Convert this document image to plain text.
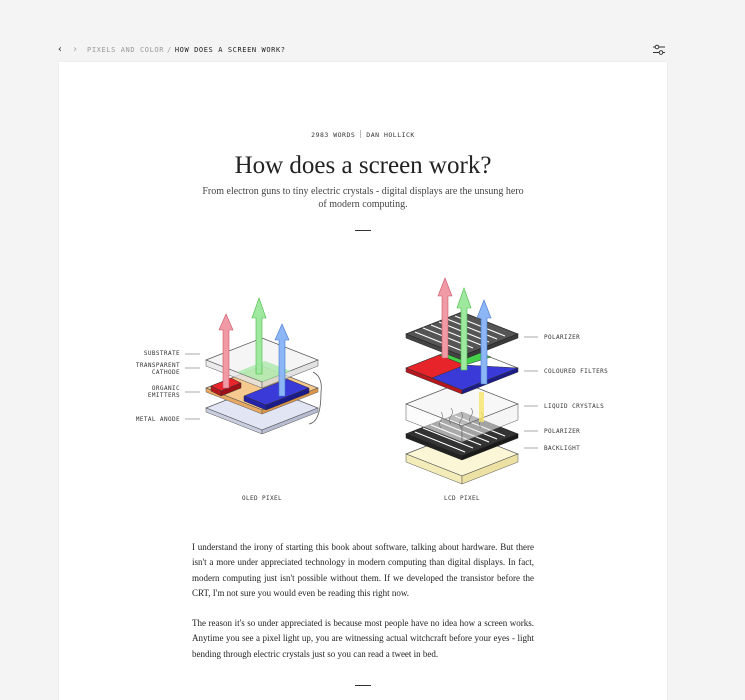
‹ › PIXELS AND COLOR / HOW DOES A SCREEN WORK?
2983 WORDS DAN HOLLICK
How does a screen work?
From electron guns to tiny electric crystals - digital displays are the unsung hero of modern computing.
SUBSTRATE
TRANSPARENT
CATHODE
ORGANIC
EMITTERS
METAL ANODE
OLED PIXEL
POLARIZER
COLOURED FILTERS
LIQUID CRYSTALS
POLARIZER
BACKLIGHT
LCD PIXEL

I understand the irony of starting this book about software, talking about hardware. But there isn't a more under appreciated technology in modern computing than digital displays. In fact, modern computing just isn't possible without them. If we developed the transistor before the CRT, I'm not sure you would even be reading this right now.

The reason it's so under appreciated is because most people have no idea how a screen works. Anytime you see a pixel light up, you are witnessing actual witchcraft before your eyes - light bending through electric crystals just so you can read a tweet in bed.
